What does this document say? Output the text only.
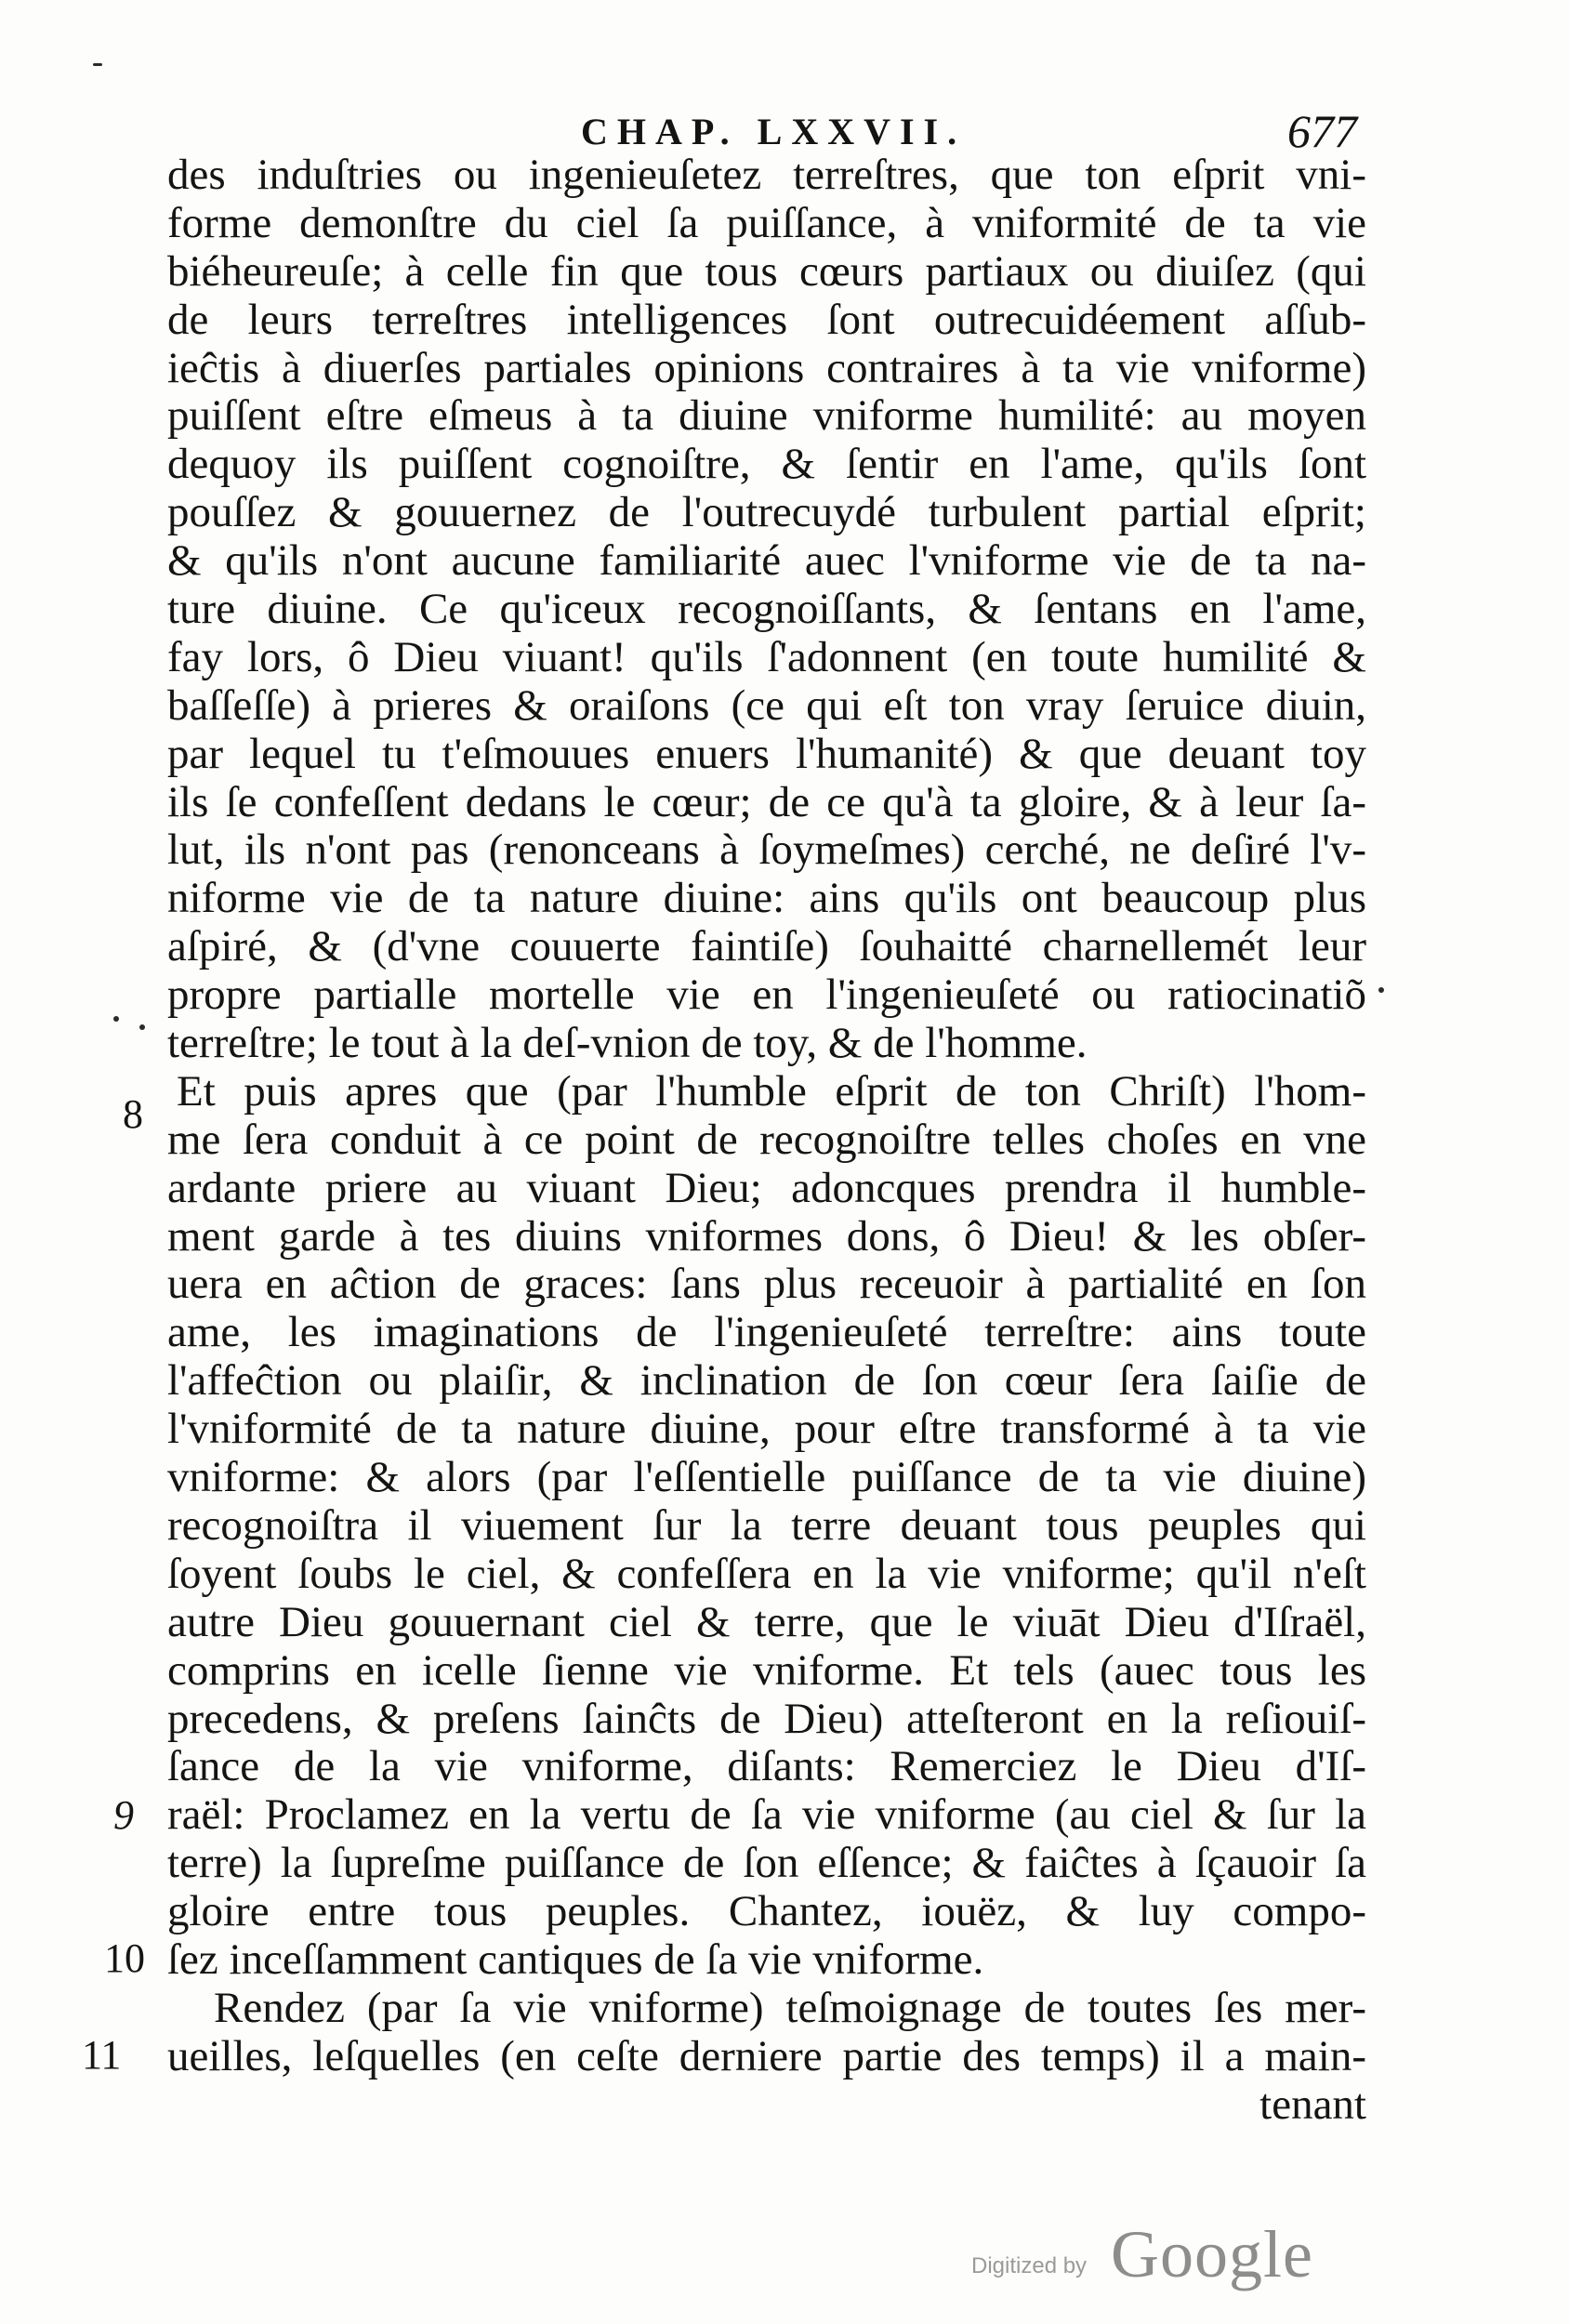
CHAP. LXXVII.	677
des induſtries ou ingenieuſetez terreſtres, que ton eſprit vni-
forme demonſtre du ciel ſa puiſſance, à vniformité de ta vie
biéheureuſe; à celle fin que tous cœurs partiaux ou diuiſez (qui
de leurs terreſtres intelligences ſont outrecuidéement aſſub-
ieĉtis à diuerſes partiales opinions contraires à ta vie vniforme)
puiſſent eſtre eſmeus à ta diuine vniforme humilité: au moyen
dequoy ils puiſſent cognoiſtre, & ſentir en l'ame, qu'ils ſont
pouſſez & gouuernez de l'outrecuydé turbulent partial eſprit;
& qu'ils n'ont aucune familiarité auec l'vniforme vie de ta na-
ture diuine. Ce qu'iceux recognoiſſants, & ſentans en l'ame,
fay lors, ô Dieu viuant! qu'ils ſ'adonnent (en toute humilité &
baſſeſſe) à prieres & oraiſons (ce qui eſt ton vray ſeruice diuin,
par lequel tu t'eſmouues enuers l'humanité) & que deuant toy
ils ſe confeſſent dedans le cœur; de ce qu'à ta gloire, & à leur ſa-
lut, ils n'ont pas (renonceans à ſoymeſmes) cerché, ne deſiré l'v-
niforme vie de ta nature diuine: ains qu'ils ont beaucoup plus
aſpiré, & (d'vne couuerte faintiſe) ſouhaitté charnellemét leur
propre partialle mortelle vie en l'ingenieuſeté ou ratiocinatiõ
terreſtre; le tout à la deſ-vnion de toy, & de l'homme.
Et puis apres que (par l'humble eſprit de ton Chriſt) l'hom-
me ſera conduit à ce point de recognoiſtre telles choſes en vne
ardante priere au viuant Dieu; adoncques prendra il humble-
ment garde à tes diuins vniformes dons, ô Dieu! & les obſer-
uera en aĉtion de graces: ſans plus receuoir à partialité en ſon
ame, les imaginations de l'ingenieuſeté terreſtre: ains toute
l'affeĉtion ou plaiſir, & inclination de ſon cœur ſera ſaiſie de
l'vniformité de ta nature diuine, pour eſtre transformé à ta vie
vniforme: & alors (par l'eſſentielle puiſſance de ta vie diuine)
recognoiſtra il viuement ſur la terre deuant tous peuples qui
ſoyent ſoubs le ciel, & confeſſera en la vie vniforme; qu'il n'eſt
autre Dieu gouuernant ciel & terre, que le viuāt Dieu d'Iſraël,
comprins en icelle ſienne vie vniforme. Et tels (auec tous les
precedens, & preſens ſainĉts de Dieu) atteſteront en la reſiouiſ-
ſance de la vie vniforme, diſants: Remerciez le Dieu d'Iſ-
raël: Proclamez en la vertu de ſa vie vniforme (au ciel & ſur la
terre) la ſupreſme puiſſance de ſon eſſence; & faiĉtes à ſçauoir ſa
gloire entre tous peuples. Chantez, iouëz, & luy compo-
ſez inceſſamment cantiques de ſa vie vniforme.
Rendez (par ſa vie vniforme) teſmoignage de toutes ſes mer-
ueilles, leſquelles (en ceſte derniere partie des temps) il a main-
tenant
8
9
10
11
Digitized by Google
